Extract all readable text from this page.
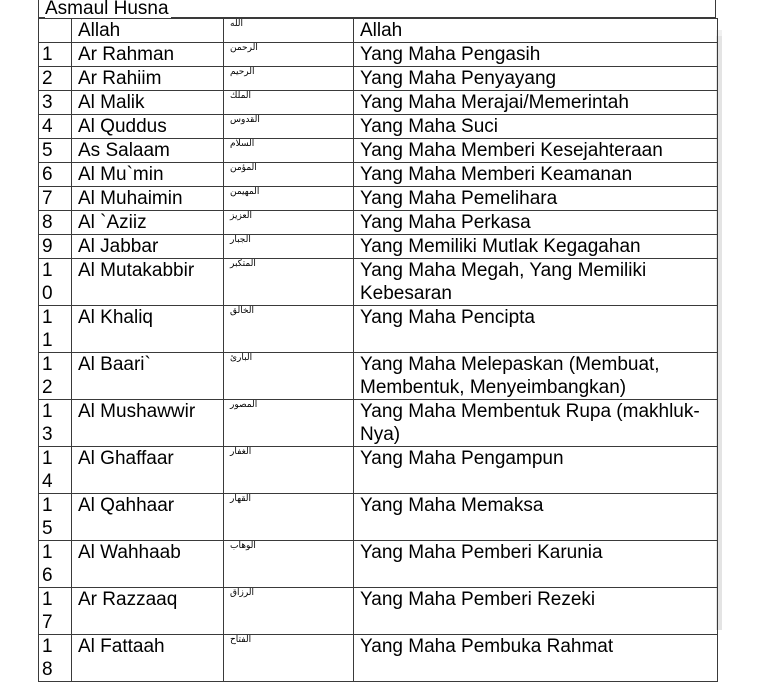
Asmaul Husna
	Allah	الله	Allah
1	Ar Rahman	الرحمن	Yang Maha Pengasih
2	Ar Rahiim	الرحيم	Yang Maha Penyayang
3	Al Malik	الملك	Yang Maha Merajai/Memerintah
4	Al Quddus	القدوس	Yang Maha Suci
5	As Salaam	السلام	Yang Maha Memberi Kesejahteraan
6	Al Mu`min	المؤمن	Yang Maha Memberi Keamanan
7	Al Muhaimin	المهيمن	Yang Maha Pemelihara
8	Al `Aziiz	العزيز	Yang Maha Perkasa
9	Al Jabbar	الجبار	Yang Memiliki Mutlak Kegagahan
10	Al Mutakabbir	المتكبر	Yang Maha Megah, Yang Memiliki Kebesaran
11	Al Khaliq	الخالق	Yang Maha Pencipta
12	Al Baari`	البارئ	Yang Maha Melepaskan (Membuat, Membentuk, Menyeimbangkan)
13	Al Mushawwir	المصور	Yang Maha Membentuk Rupa (makhluk-Nya)
14	Al Ghaffaar	الغفار	Yang Maha Pengampun
15	Al Qahhaar	القهار	Yang Maha Memaksa
16	Al Wahhaab	الوهاب	Yang Maha Pemberi Karunia
17	Ar Razzaaq	الرزاق	Yang Maha Pemberi Rezeki
18	Al Fattaah	الفتاح	Yang Maha Pembuka Rahmat
